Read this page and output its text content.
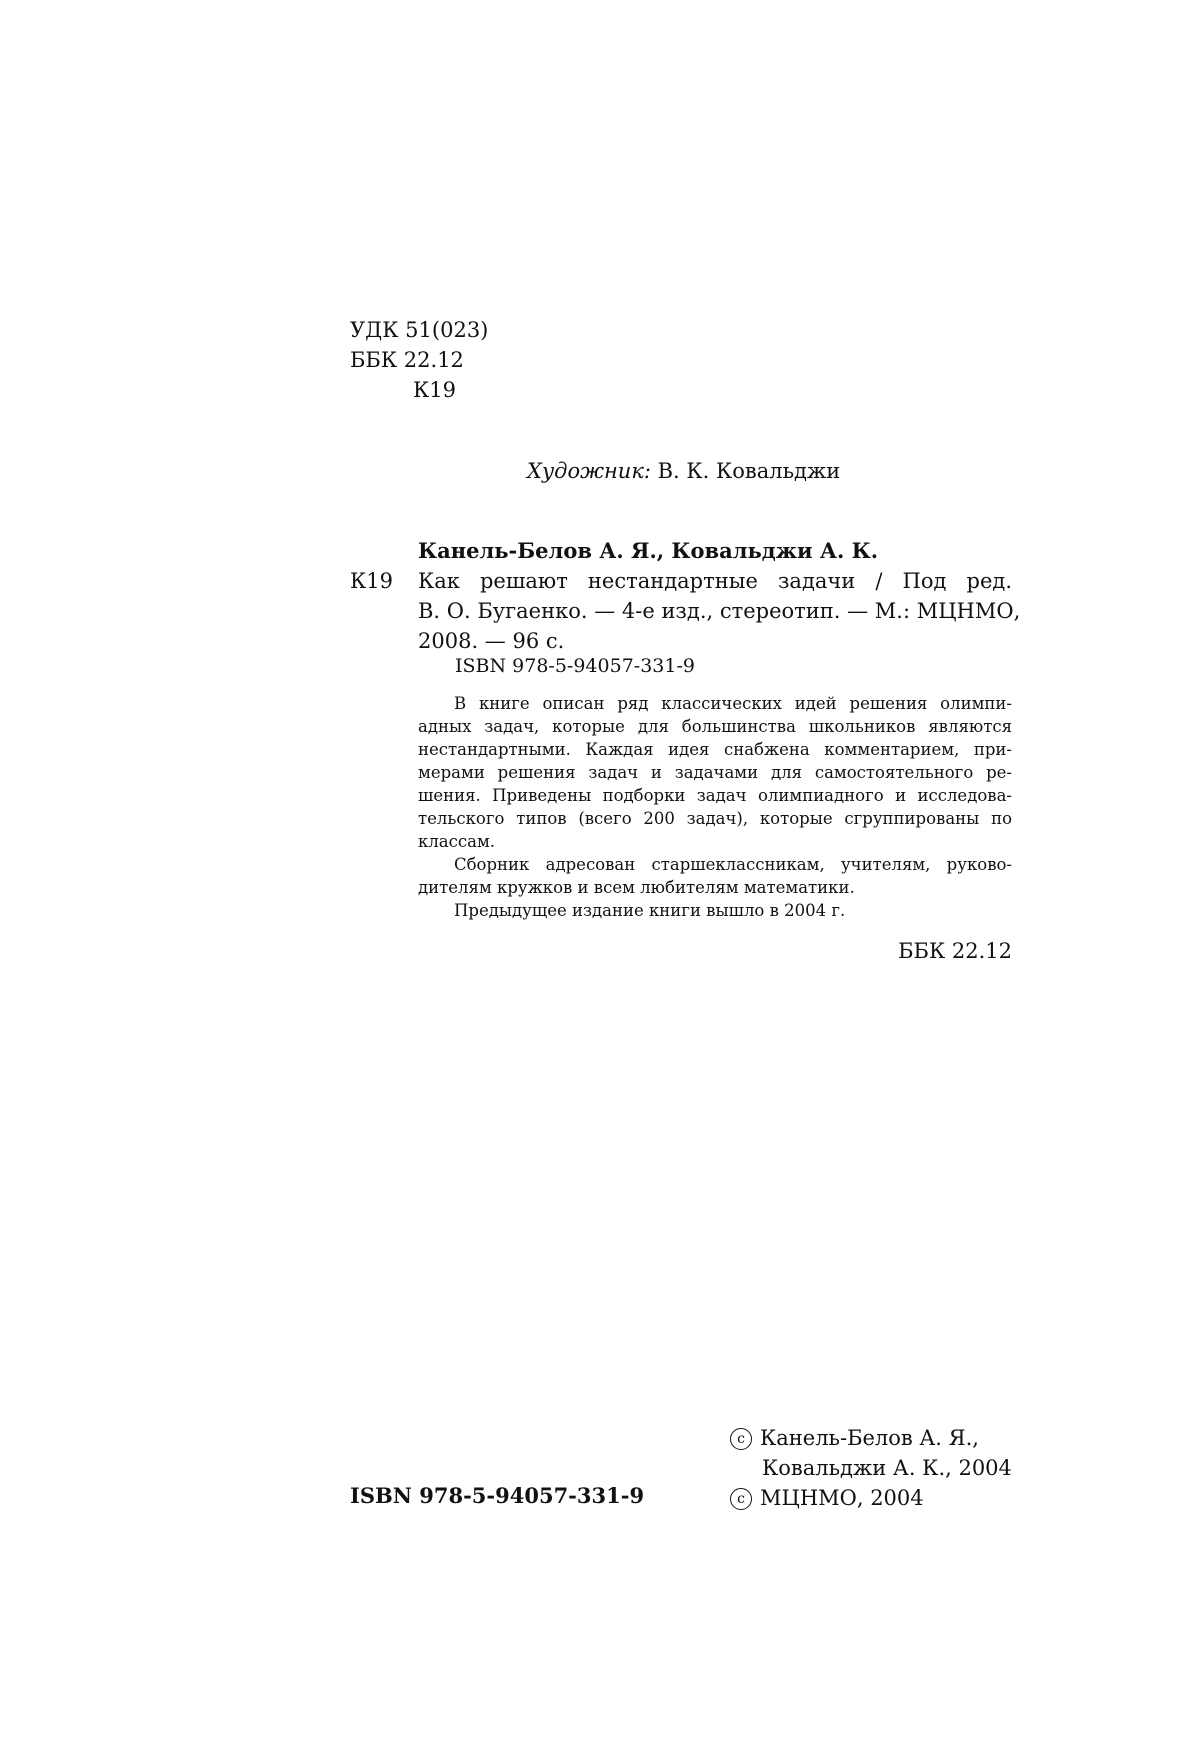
УДК 51(023)
ББК 22.12
К19
Художник: В. К. Ковальджи
Канель-Белов А. Я., Ковальджи А. К.
К19 Как решают нестандартные задачи / Под ред.
В. О. Бугаенко. — 4-е изд., стереотип. — М.: МЦНМО,
2008. — 96 с.
ISBN 978-5-94057-331-9
В книге описан ряд классических идей решения олимпи-
адных задач, которые для большинства школьников являются
нестандартными. Каждая идея снабжена комментарием, при-
мерами решения задач и задачами для самостоятельного ре-
шения. Приведены подборки задач олимпиадного и исследова-
тельского типов (всего 200 задач), которые сгруппированы по
классам.
Сборник адресован старшеклассникам, учителям, руково-
дителям кружков и всем любителям математики.
Предыдущее издание книги вышло в 2004 г.
ББК 22.12
ISBN 978-5-94057-331-9
c Канель-Белов А. Я.,
Ковальджи А. К., 2004
c МЦНМО, 2004
